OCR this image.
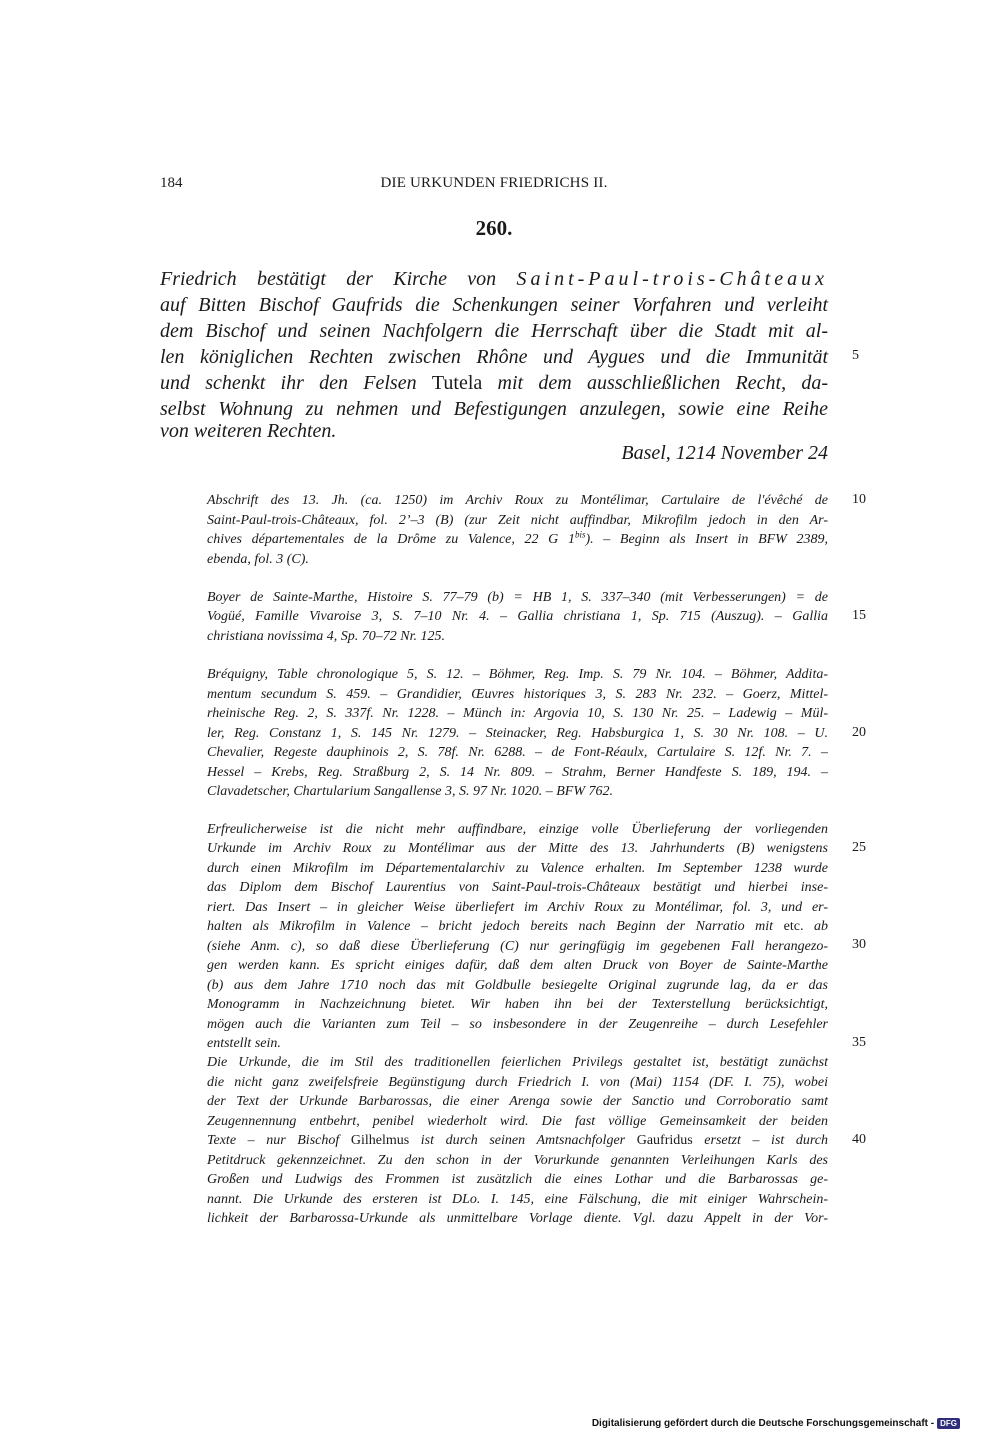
184	DIE URKUNDEN FRIEDRICHS II.
260.
Friedrich bestätigt der Kirche von Saint-Paul-trois-Châteaux
auf Bitten Bischof Gaufrids die Schenkungen seiner Vorfahren und verleiht
dem Bischof und seinen Nachfolgern die Herrschaft über die Stadt mit al-
len königlichen Rechten zwischen Rhône und Aygues und die Immunität
und schenkt ihr den Felsen Tutela mit dem ausschließlichen Recht, da-
selbst Wohnung zu nehmen und Befestigungen anzulegen, sowie eine Reihe
von weiteren Rechten.
Basel, 1214 November 24
Abschrift des 13. Jh. (ca. 1250) im Archiv Roux zu Montélimar, Cartulaire de l'évêché de
Saint-Paul-trois-Châteaux, fol. 2’–3 (B) (zur Zeit nicht auffindbar, Mikrofilm jedoch in den Ar-
chives départementales de la Drôme zu Valence, 22 G $1^{bis}$). – Beginn als Insert in BFW 2389,
ebenda, fol. 3 (C).
Boyer de Sainte-Marthe, Histoire S. 77–79 (b) = HB 1, S. 337–340 (mit Verbesserungen) = de
Vogüé, Famille Vivaroise 3, S. 7–10 Nr. 4. – Gallia christiana 1, Sp. 715 (Auszug). – Gallia
christiana novissima 4, Sp. 70–72 Nr. 125.
Bréquigny, Table chronologique 5, S. 12. – Böhmer, Reg. Imp. S. 79 Nr. 104. – Böhmer, Addita-
mentum secundum S. 459. – Grandidier, Œuvres historiques 3, S. 283 Nr. 232. – Goerz, Mittel-
rheinische Reg. 2, S. 337f. Nr. 1228. – Münch in: Argovia 10, S. 130 Nr. 25. – Ladewig – Mül-
ler, Reg. Constanz 1, S. 145 Nr. 1279. – Steinacker, Reg. Habsburgica 1, S. 30 Nr. 108. – U.
Chevalier, Regeste dauphinois 2, S. 78f. Nr. 6288. – de Font-Réaulx, Cartulaire S. 12f. Nr. 7. –
Hessel – Krebs, Reg. Straßburg 2, S. 14 Nr. 809. – Strahm, Berner Handfeste S. 189, 194. –
Clavadetscher, Chartularium Sangallense 3, S. 97 Nr. 1020. – BFW 762.
Erfreulicherweise ist die nicht mehr auffindbare, einzige volle Überlieferung der vorliegenden
Urkunde im Archiv Roux zu Montélimar aus der Mitte des 13. Jahrhunderts (B) wenigstens
durch einen Mikrofilm im Départementalarchiv zu Valence erhalten. Im September 1238 wurde
das Diplom dem Bischof Laurentius von Saint-Paul-trois-Châteaux bestätigt und hierbei inse-
riert. Das Insert – in gleicher Weise überliefert im Archiv Roux zu Montélimar, fol. 3, und er-
halten als Mikrofilm in Valence – bricht jedoch bereits nach Beginn der Narratio mit etc. ab
(siehe Anm. c), so daß diese Überlieferung (C) nur geringfügig im gegebenen Fall herangezo-
gen werden kann. Es spricht einiges dafür, daß dem alten Druck von Boyer de Sainte-Marthe
(b) aus dem Jahre 1710 noch das mit Goldbulle besiegelte Original zugrunde lag, da er das
Monogramm in Nachzeichnung bietet. Wir haben ihn bei der Texterstellung berücksichtigt,
mögen auch die Varianten zum Teil – so insbesondere in der Zeugenreihe – durch Lesefehler
entstellt sein.
Die Urkunde, die im Stil des traditionellen feierlichen Privilegs gestaltet ist, bestätigt zunächst
die nicht ganz zweifelsfreie Begünstigung durch Friedrich I. von (Mai) 1154 (DF. I. 75), wobei
der Text der Urkunde Barbarossas, die einer Arenga sowie der Sanctio und Corroboratio samt
Zeugennennung entbehrt, penibel wiederholt wird. Die fast völlige Gemeinsamkeit der beiden
Texte – nur Bischof Gilhelmus ist durch seinen Amtsnachfolger Gaufridus ersetzt – ist durch
Petitdruck gekennzeichnet. Zu den schon in der Vorurkunde genannten Verleihungen Karls des
Großen und Ludwigs des Frommen ist zusätzlich die eines Lothar und die Barbarossas ge-
nannt. Die Urkunde des ersteren ist DLo. I. 145, eine Fälschung, die mit einiger Wahrschein-
lichkeit der Barbarossa-Urkunde als unmittelbare Vorlage diente. Vgl. dazu Appelt in der Vor-
5
10
15
20
25
30
35
40
Digitalisierung gefördert durch die Deutsche Forschungsgemeinschaft - DFG
